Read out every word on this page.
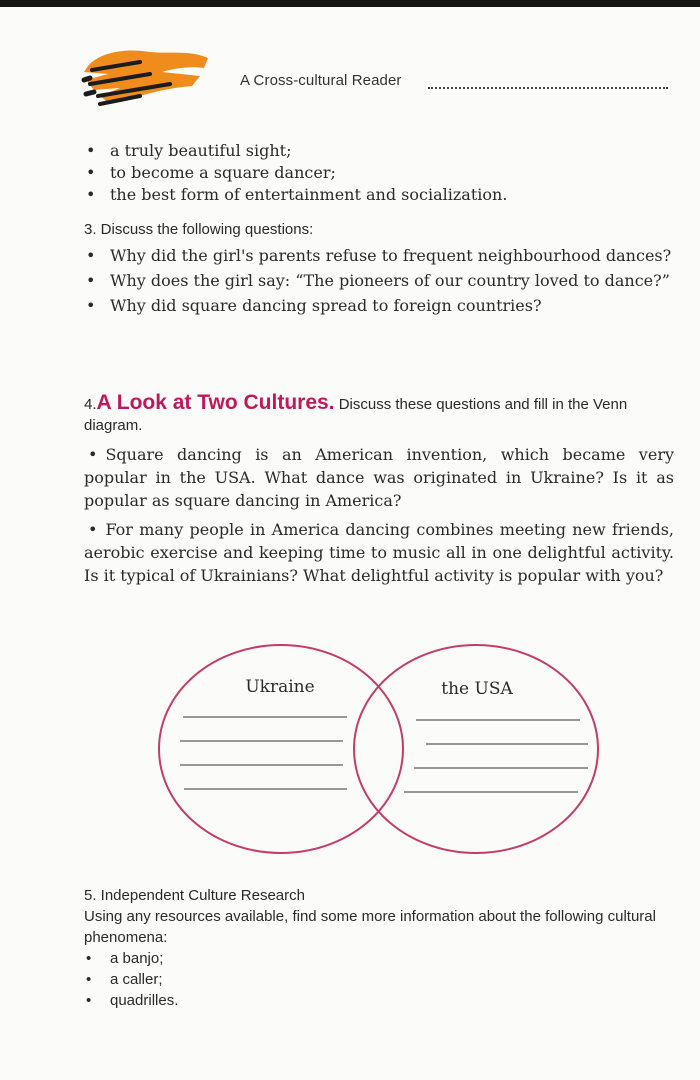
A Cross-cultural Reader
• a truly beautiful sight;
• to become a square dancer;
• the best form of entertainment and socialization.
3. Discuss the following questions:
• Why did the girl's parents refuse to frequent neighbourhood dances?
• Why does the girl say: “The pioneers of our country loved to dance?”
• Why did square dancing spread to foreign countries?
4.A Look at Two Cultures. Discuss these questions and fill in the Venn diagram.

• Square dancing is an American invention, which became very popular in the USA. What dance was originated in Ukraine? Is it as popular as square dancing in America?

• For many people in America dancing combines meeting new friends, aerobic exercise and keeping time to music all in one delightful activity. Is it typical of Ukrainians? What delightful activity is popular with you?

Ukraine	the USA
5. Independent Culture Research
Using any resources available, find some more information about the following cultural phenomena:
• a banjo;
• a caller;
• quadrilles.
